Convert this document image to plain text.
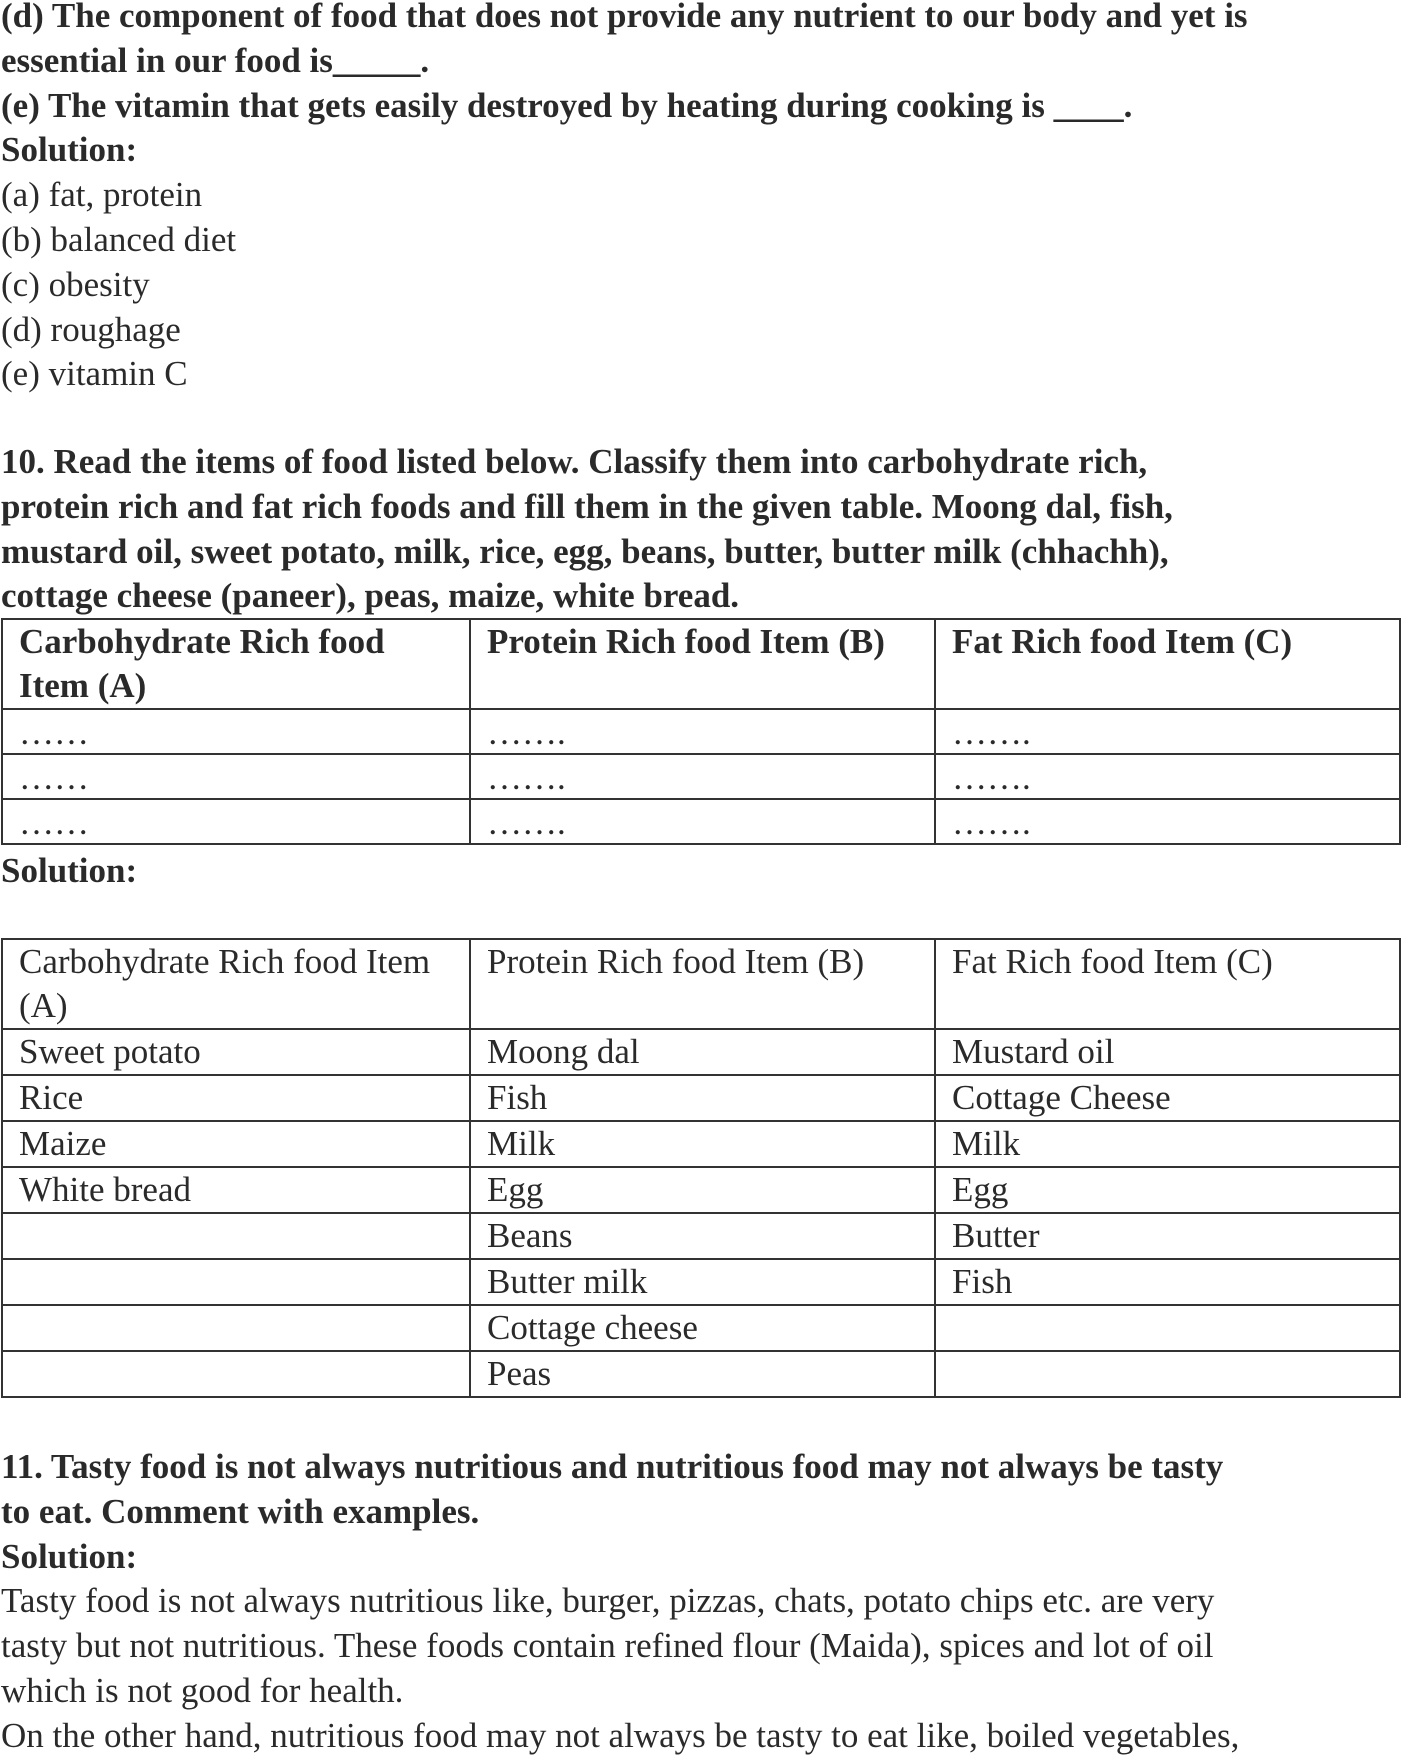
(d) The component of food that does not provide any nutrient to our body and yet is
essential in our food is_____.
(e) The vitamin that gets easily destroyed by heating during cooking is ____.
Solution:
(a) fat, protein
(b) balanced diet
(c) obesity
(d) roughage
(e) vitamin C
10. Read the items of food listed below. Classify them into carbohydrate rich,
protein rich and fat rich foods and fill them in the given table. Moong dal, fish,
mustard oil, sweet potato, milk, rice, egg, beans, butter, butter milk (chhachh),
cottage cheese (paneer), peas, maize, white bread.
Carbohydrate Rich food Item (A)	Protein Rich food Item (B)	Fat Rich food Item (C)
……	…….	…….
……	…….	…….
……	…….	…….
Solution:
Carbohydrate Rich food Item (A)	Protein Rich food Item (B)	Fat Rich food Item (C)
Sweet potato	Moong dal	Mustard oil
Rice	Fish	Cottage Cheese
Maize	Milk	Milk
White bread	Egg	Egg
	Beans	Butter
	Butter milk	Fish
	Cottage cheese	
	Peas	
11. Tasty food is not always nutritious and nutritious food may not always be tasty
to eat. Comment with examples.
Solution:
Tasty food is not always nutritious like, burger, pizzas, chats, potato chips etc. are very
tasty but not nutritious. These foods contain refined flour (Maida), spices and lot of oil
which is not good for health.
On the other hand, nutritious food may not always be tasty to eat like, boiled vegetables,
